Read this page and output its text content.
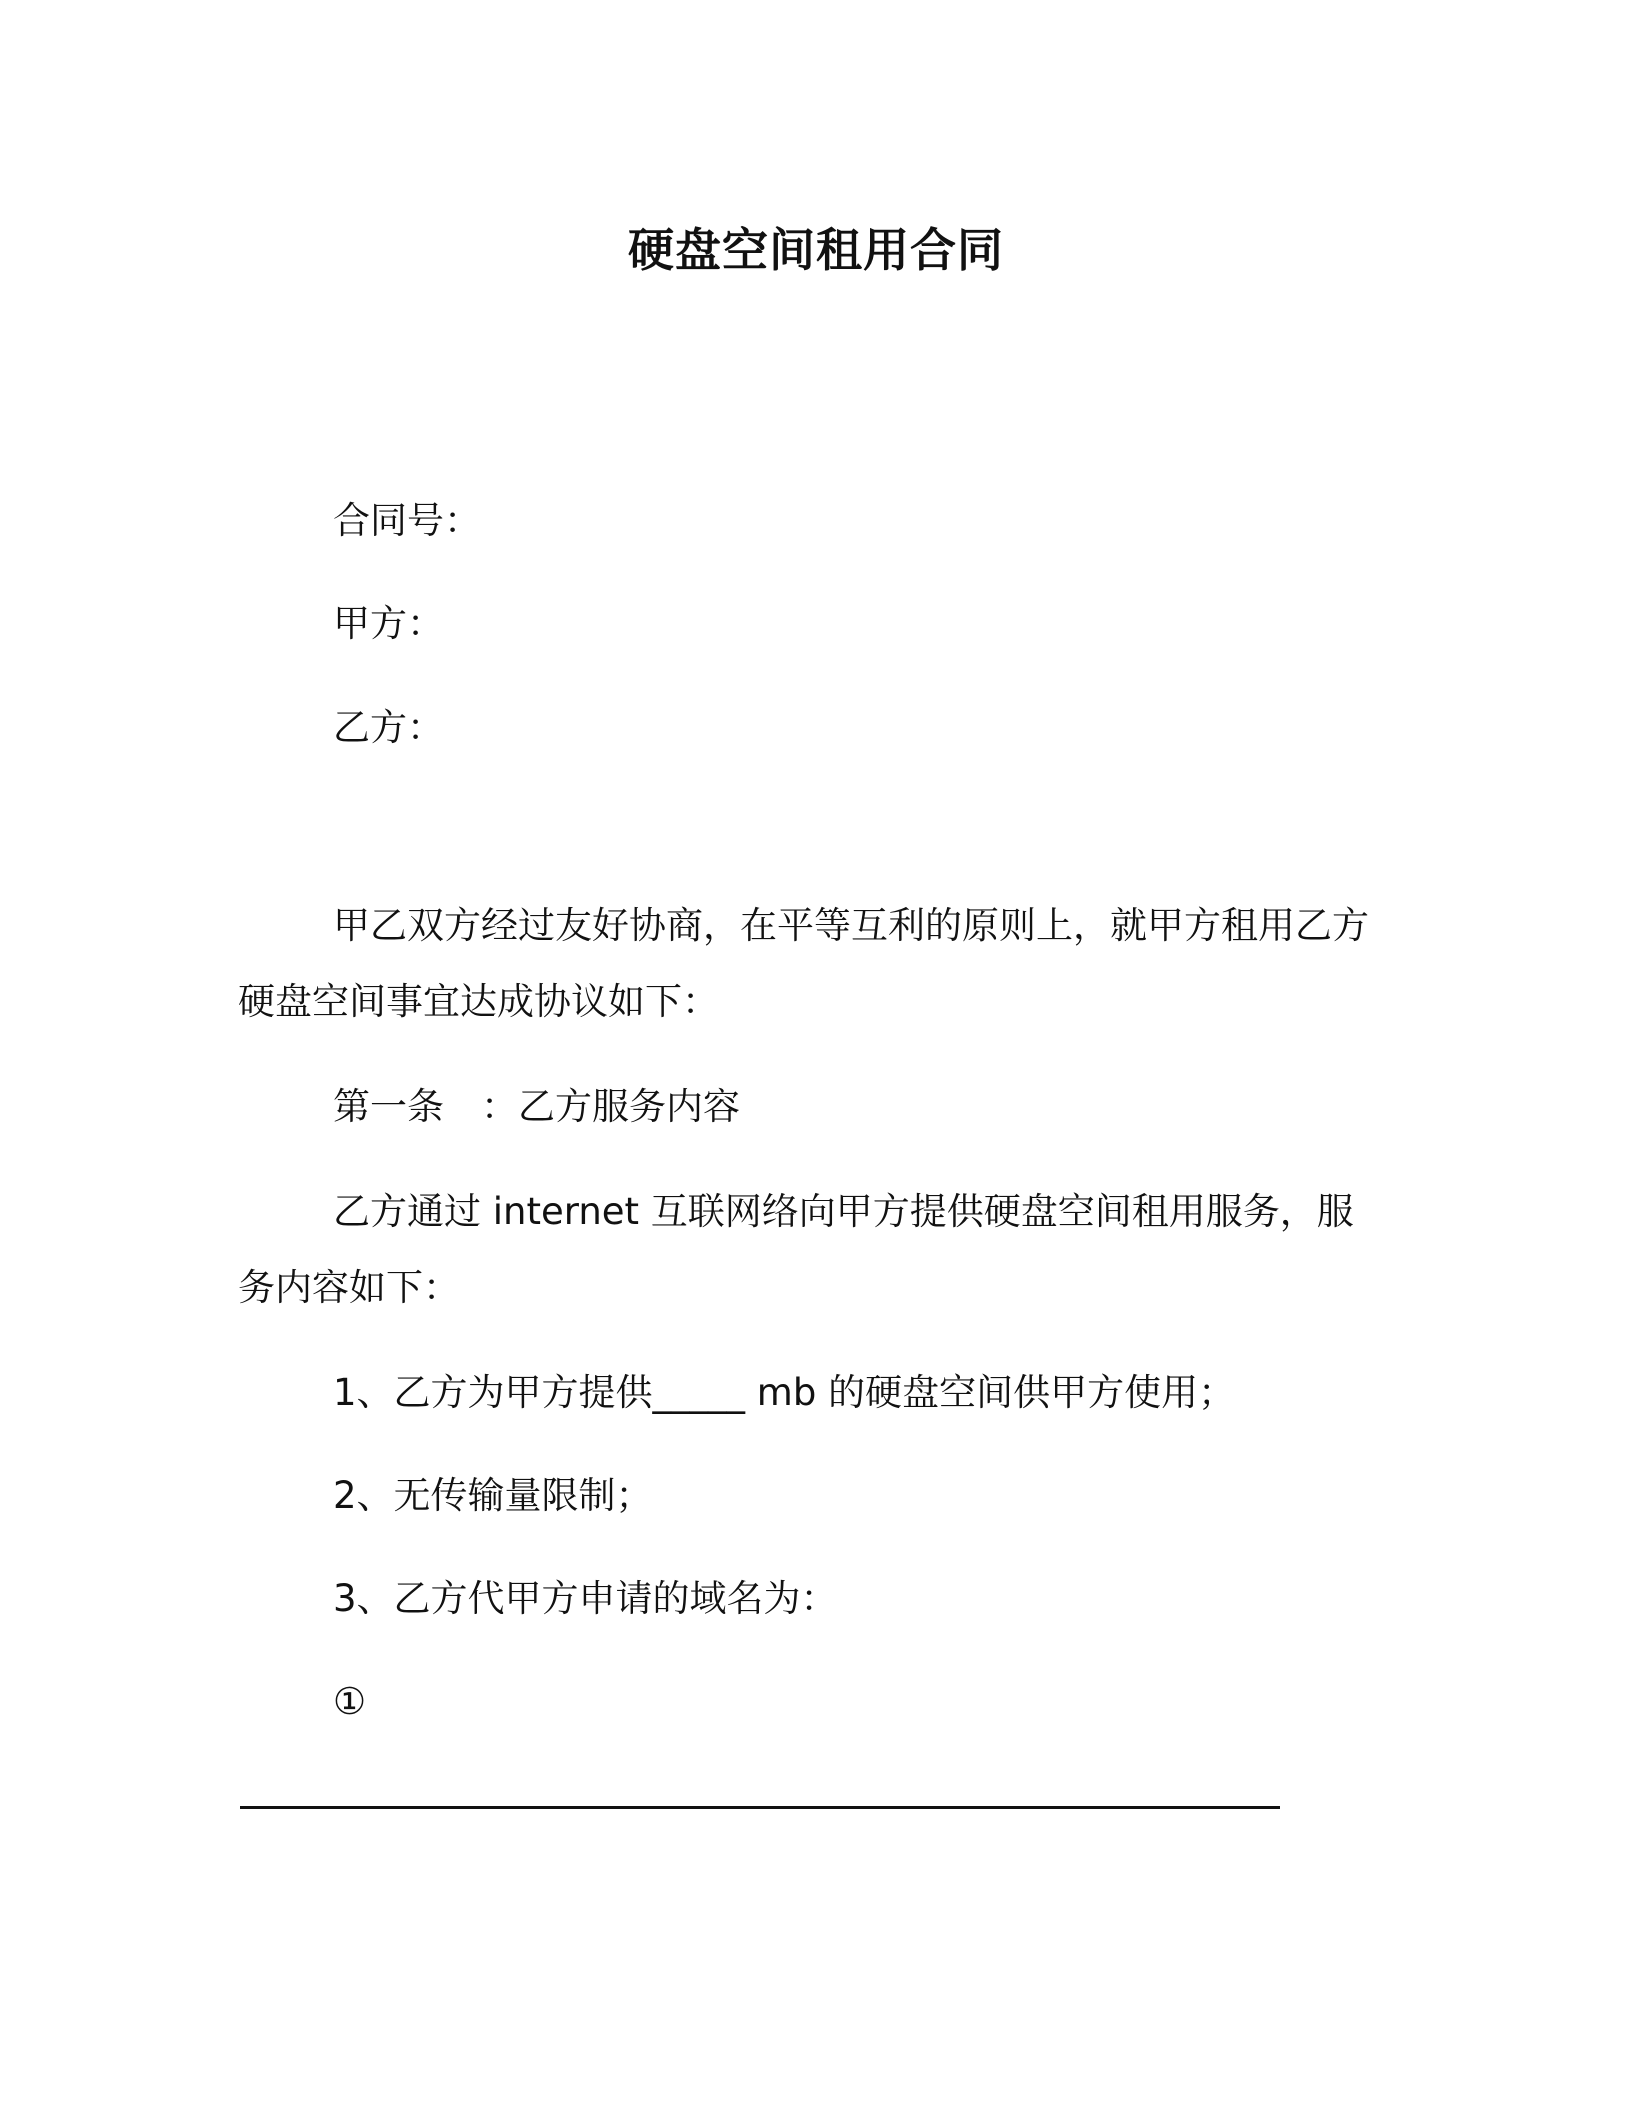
硬盘空间租用合同
合同号：
甲方：
乙方：
甲乙双方经过友好协商，在平等互利的原则上，就甲方租用乙方
硬盘空间事宜达成协议如下：
第一条　：乙方服务内容
乙方通过 internet 互联网络向甲方提供硬盘空间租用服务，服
务内容如下：
1、乙方为甲方提供_____ mb 的硬盘空间供甲方使用；
2、无传输量限制；
3、乙方代甲方申请的域名为：
①
